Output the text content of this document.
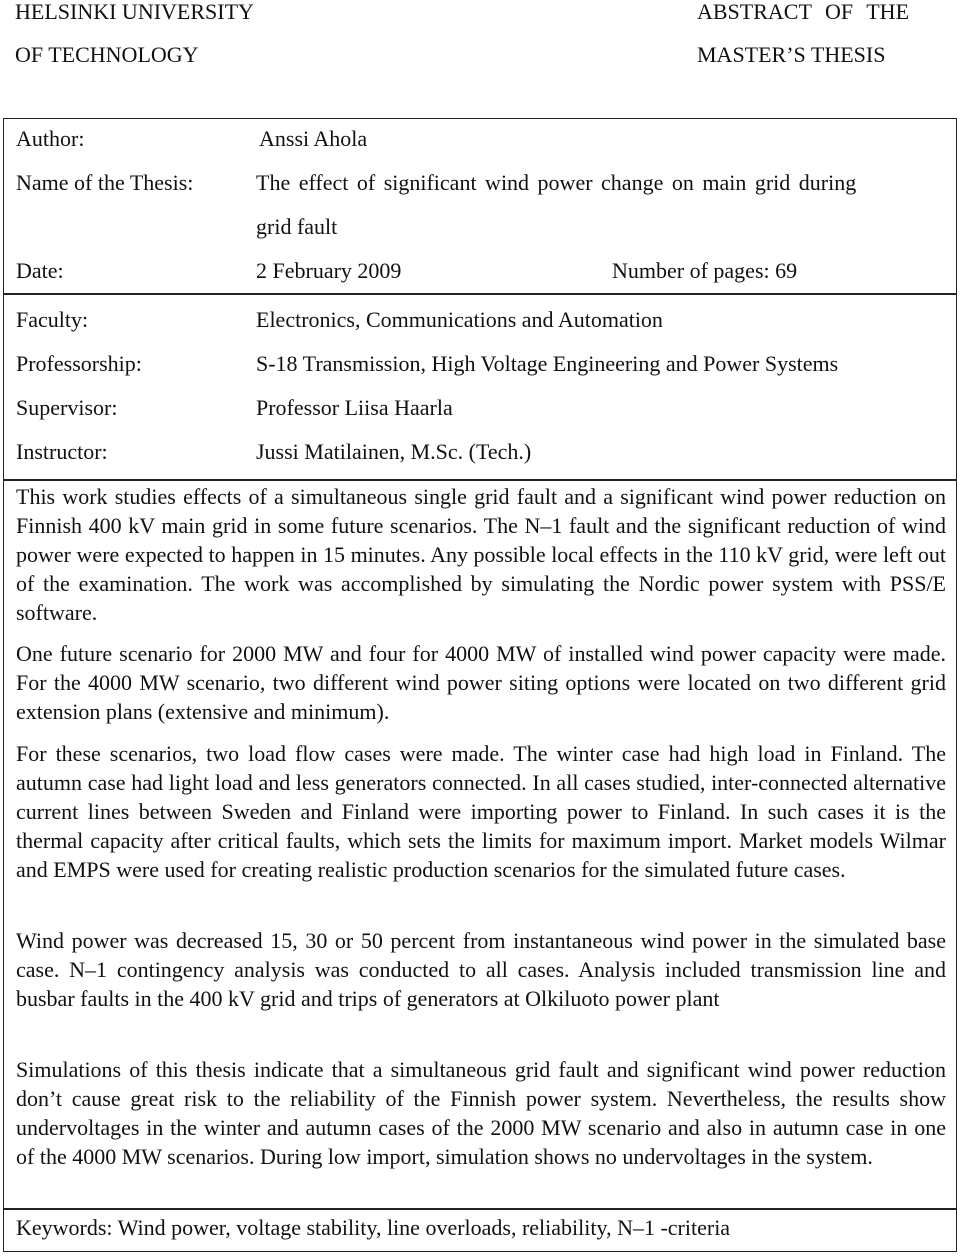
HELSINKI UNIVERSITY
OF TECHNOLOGY
ABSTRACT OF THE
MASTER’S THESIS
Author:	Anssi Ahola
Name of the Thesis:	The effect of significant wind power change on main grid during
grid fault
Date:	2 February 2009	Number of pages: 69
Faculty:	Electronics, Communications and Automation
Professorship:	S-18 Transmission, High Voltage Engineering and Power Systems
Supervisor:	Professor Liisa Haarla
Instructor:	Jussi Matilainen, M.Sc. (Tech.)
This work studies effects of a simultaneous single grid fault and a significant wind power reduction on Finnish 400 kV main grid in some future scenarios. The N–1 fault and the significant reduction of wind power were expected to happen in 15 minutes. Any possible local effects in the 110 kV grid, were left out of the examination. The work was accomplished by simulating the Nordic power system with PSS/E software.
One future scenario for 2000 MW and four for 4000 MW of installed wind power capacity were made. For the 4000 MW scenario, two different wind power siting options were located on two different grid extension plans (extensive and minimum).
For these scenarios, two load flow cases were made. The winter case had high load in Finland. The autumn case had light load and less generators connected. In all cases studied, inter-connected alternative current lines between Sweden and Finland were importing power to Finland. In such cases it is the thermal capacity after critical faults, which sets the limits for maximum import. Market models Wilmar and EMPS were used for creating realistic production scenarios for the simulated future cases.
Wind power was decreased 15, 30 or 50 percent from instantaneous wind power in the simulated base case. N–1 contingency analysis was conducted to all cases. Analysis included transmission line and busbar faults in the 400 kV grid and trips of generators at Olkiluoto power plant
Simulations of this thesis indicate that a simultaneous grid fault and significant wind power reduction don’t cause great risk to the reliability of the Finnish power system. Nevertheless, the results show undervoltages in the winter and autumn cases of the 2000 MW scenario and also in autumn case in one of the 4000 MW scenarios. During low import, simulation shows no undervoltages in the system.
Keywords: Wind power, voltage stability, line overloads, reliability, N–1 -criteria
